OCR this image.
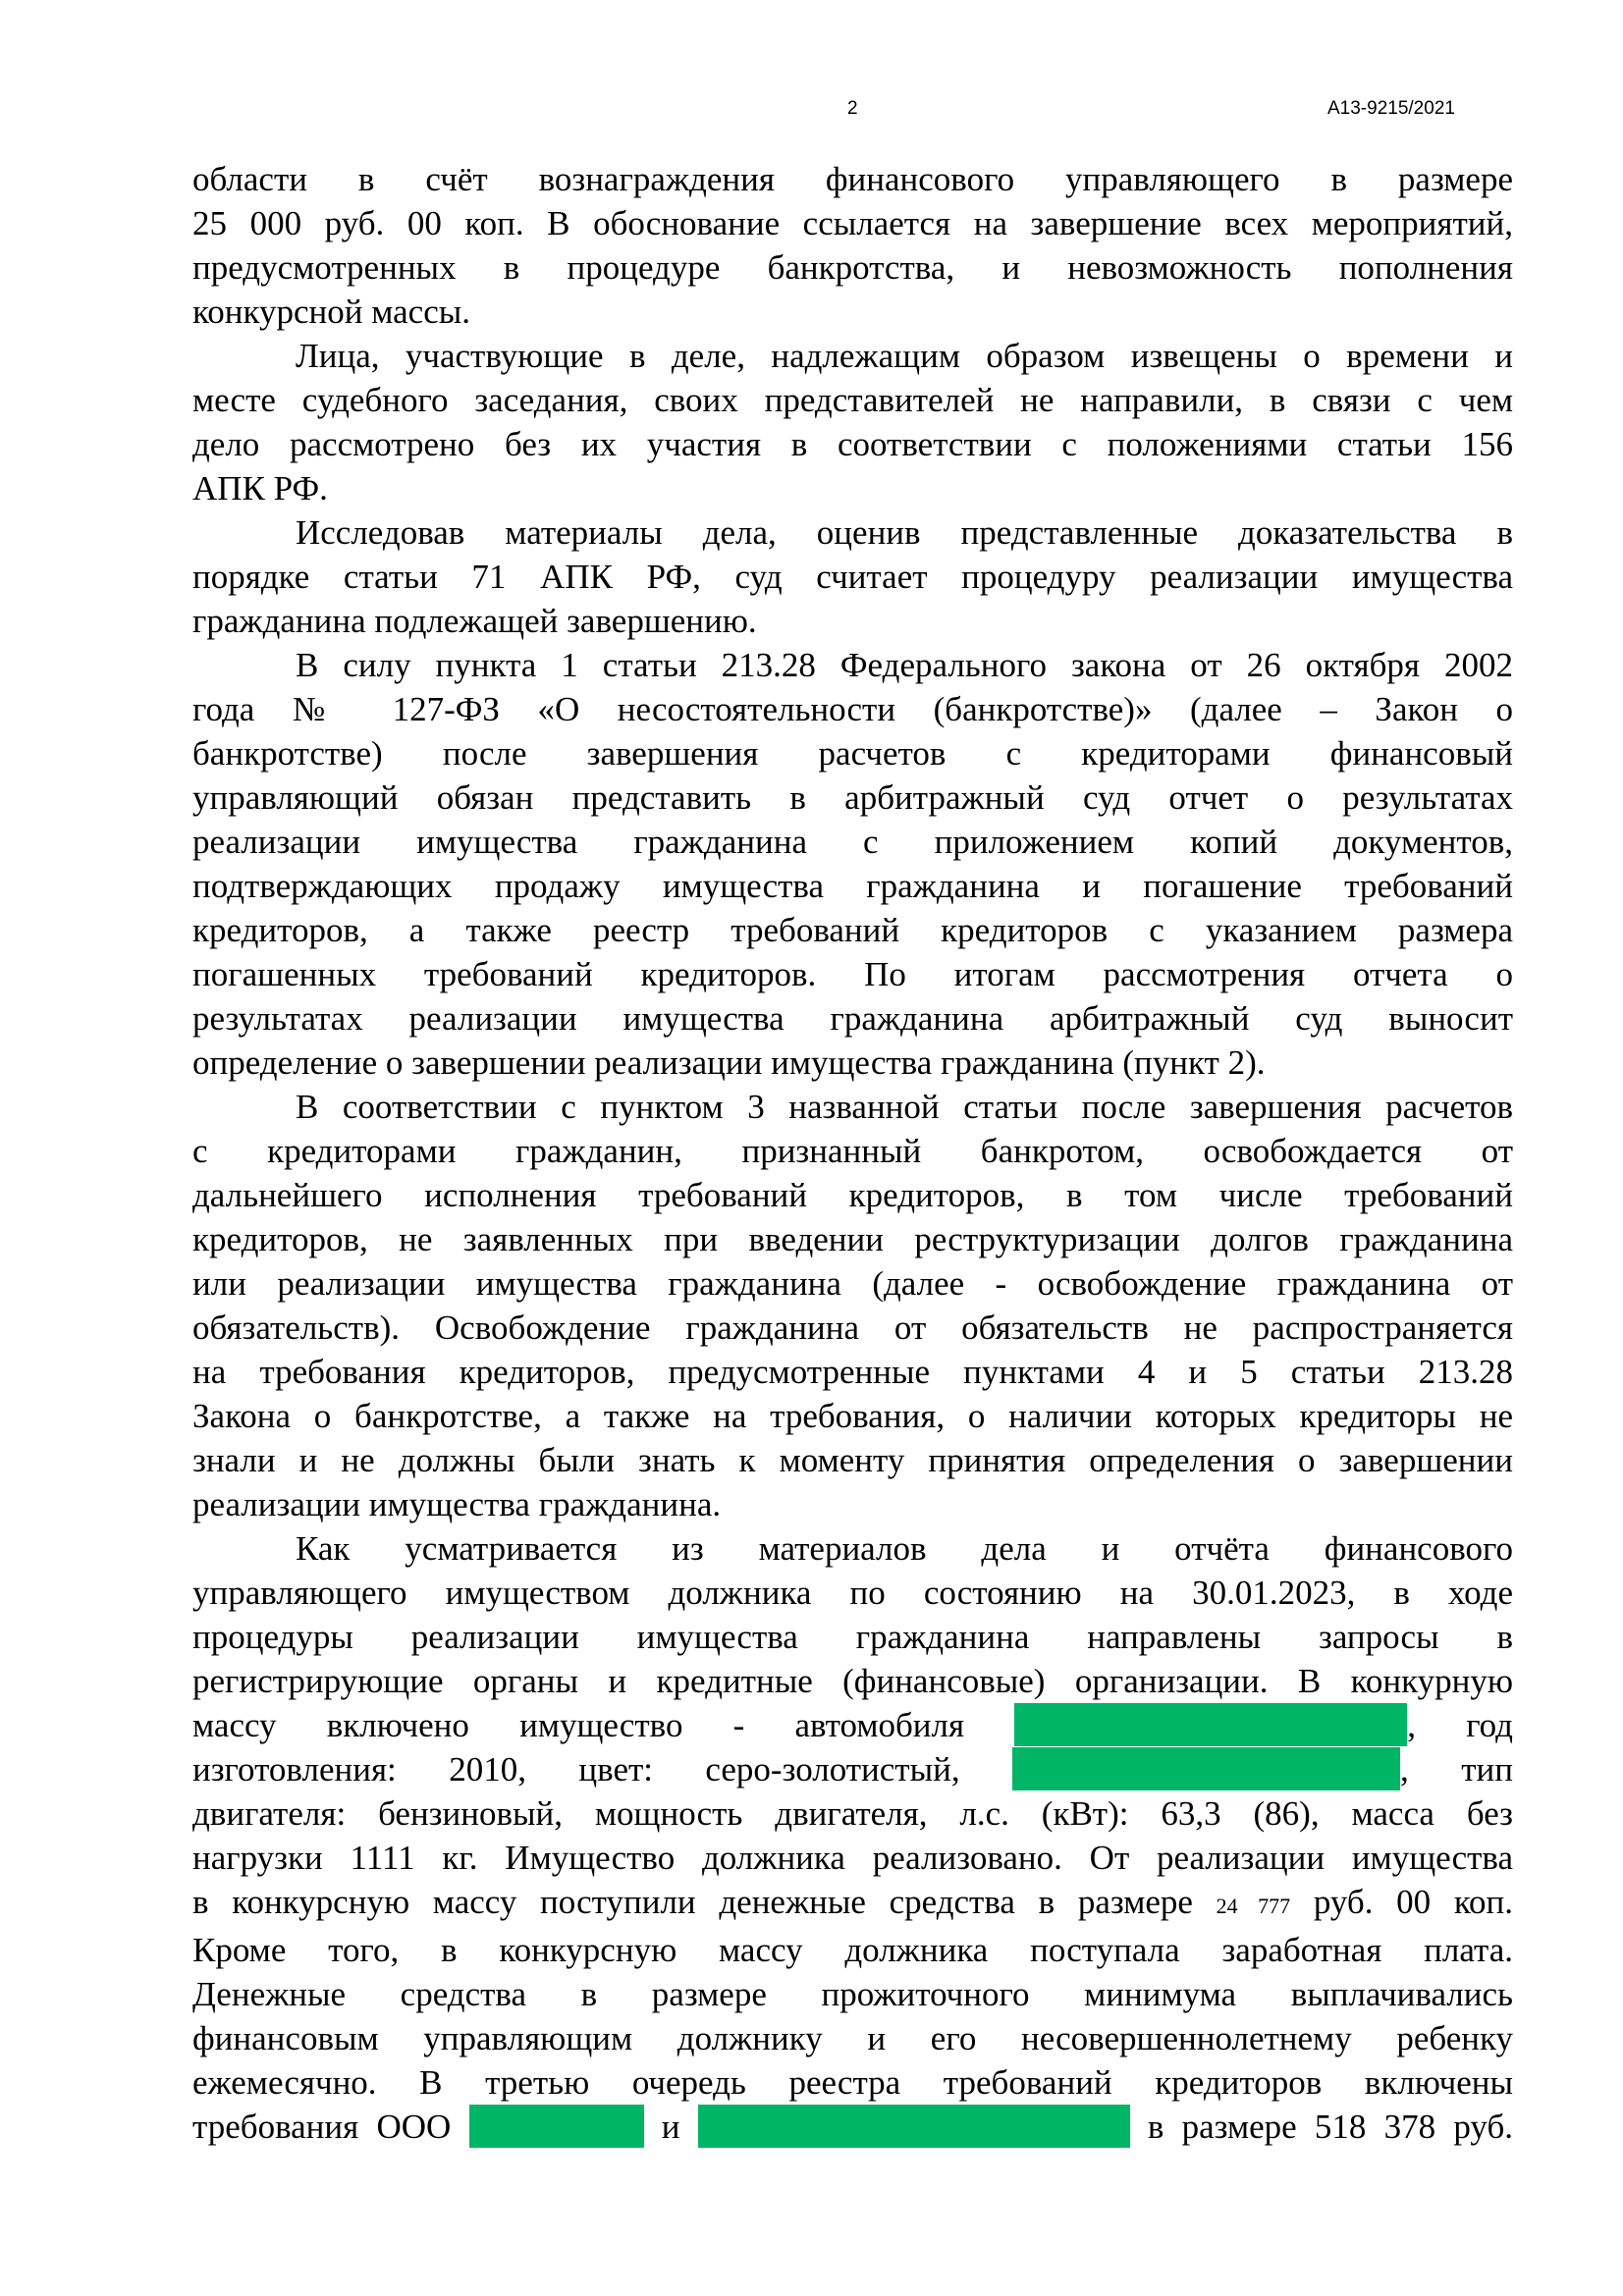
2	А13-9215/2021
области в счёт вознаграждения финансового управляющего в размере
25 000 руб. 00 коп. В обоснование ссылается на завершение всех мероприятий,
предусмотренных в процедуре банкротства, и невозможность пополнения
конкурсной массы.
Лица, участвующие в деле, надлежащим образом извещены о времени и
месте судебного заседания, своих представителей не направили, в связи с чем
дело рассмотрено без их участия в соответствии с положениями статьи 156
АПК РФ.
Исследовав материалы дела, оценив представленные доказательства в
порядке статьи 71 АПК РФ, суд считает процедуру реализации имущества
гражданина подлежащей завершению.
В силу пункта 1 статьи 213.28 Федерального закона от 26 октября 2002
года № 127-ФЗ «О несостоятельности (банкротстве)» (далее – Закон о
банкротстве) после завершения расчетов с кредиторами финансовый
управляющий обязан представить в арбитражный суд отчет о результатах
реализации имущества гражданина с приложением копий документов,
подтверждающих продажу имущества гражданина и погашение требований
кредиторов, а также реестр требований кредиторов с указанием размера
погашенных требований кредиторов. По итогам рассмотрения отчета о
результатах реализации имущества гражданина арбитражный суд выносит
определение о завершении реализации имущества гражданина (пункт 2).
В соответствии с пунктом 3 названной статьи после завершения расчетов
с кредиторами гражданин, признанный банкротом, освобождается от
дальнейшего исполнения требований кредиторов, в том числе требований
кредиторов, не заявленных при введении реструктуризации долгов гражданина
или реализации имущества гражданина (далее - освобождение гражданина от
обязательств). Освобождение гражданина от обязательств не распространяется
на требования кредиторов, предусмотренные пунктами 4 и 5 статьи 213.28
Закона о банкротстве, а также на требования, о наличии которых кредиторы не
знали и не должны были знать к моменту принятия определения о завершении
реализации имущества гражданина.
Как усматривается из материалов дела и отчёта финансового
управляющего имуществом должника по состоянию на 30.01.2023, в ходе
процедуры реализации имущества гражданина направлены запросы в
регистрирующие органы и кредитные (финансовые) организации. В конкурную
массу включено имущество - автомобиля	, год
изготовления: 2010, цвет: серо-золотистый,	, тип
двигателя: бензиновый, мощность двигателя, л.с. (кВт): 63,3 (86), масса без
нагрузки 1111 кг. Имущество должника реализовано. От реализации имущества
в конкурсную массу поступили денежные средства в размере 24 777 руб. 00 коп.
Кроме того, в конкурсную массу должника поступала заработная плата.
Денежные средства в размере прожиточного минимума выплачивались
финансовым управляющим должнику и его несовершеннолетнему ребенку
ежемесячно. В третью очередь реестра требований кредиторов включены
требования ООО	и	в размере 518 378 руб.
